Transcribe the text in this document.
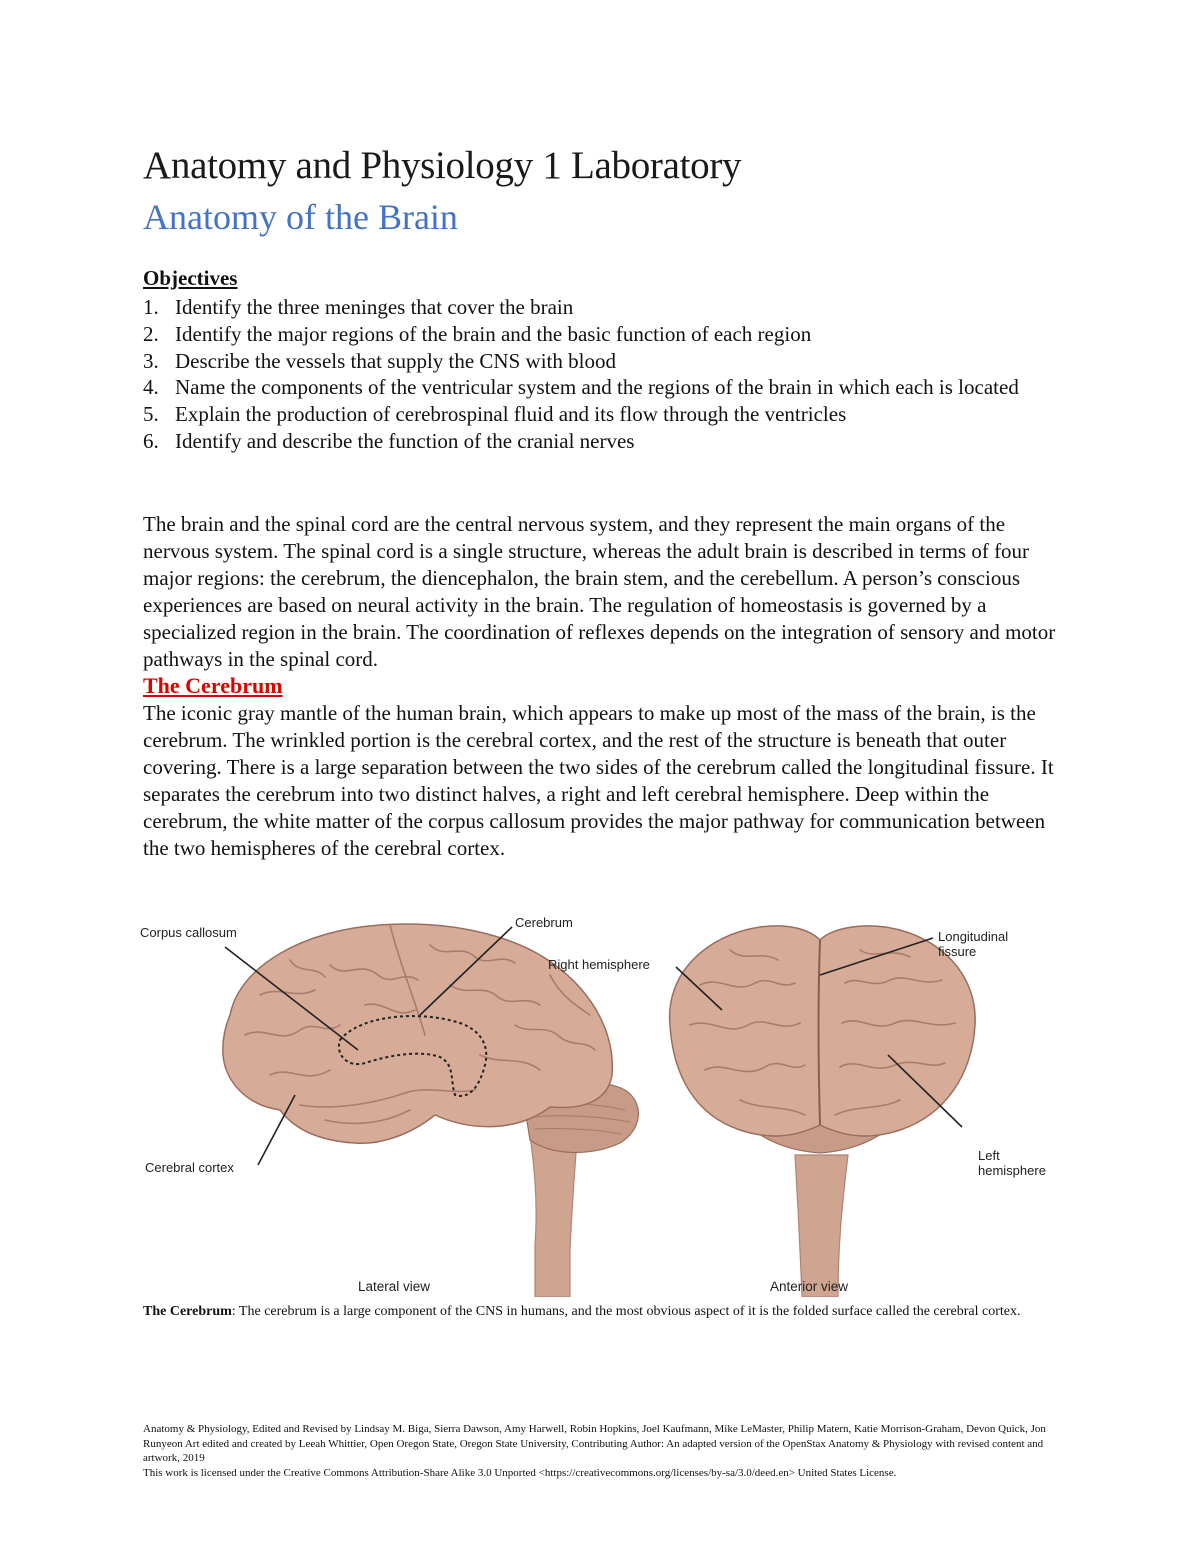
Anatomy and Physiology 1 Laboratory
Anatomy of the Brain
Objectives
1. Identify the three meninges that cover the brain
2. Identify the major regions of the brain and the basic function of each region
3. Describe the vessels that supply the CNS with blood
4. Name the components of the ventricular system and the regions of the brain in which each is located
5. Explain the production of cerebrospinal fluid and its flow through the ventricles
6. Identify and describe the function of the cranial nerves

The brain and the spinal cord are the central nervous system, and they represent the main organs of the nervous system. The spinal cord is a single structure, whereas the adult brain is described in terms of four major regions: the cerebrum, the diencephalon, the brain stem, and the cerebellum. A person’s conscious experiences are based on neural activity in the brain. The regulation of homeostasis is governed by a specialized region in the brain. The coordination of reflexes depends on the integration of sensory and motor pathways in the spinal cord.

The Cerebrum

The iconic gray mantle of the human brain, which appears to make up most of the mass of the brain, is the cerebrum. The wrinkled portion is the cerebral cortex, and the rest of the structure is beneath that outer covering. There is a large separation between the two sides of the cerebrum called the longitudinal fissure. It separates the cerebrum into two distinct halves, a right and left cerebral hemisphere. Deep within the cerebrum, the white matter of the corpus callosum provides the major pathway for communication between the two hemispheres of the cerebral cortex.

Corpus callosum
Cerebrum
Cerebral cortex
Right hemisphere
Longitudinal
fissure
Left
hemisphere
Lateral view	Anterior view

The Cerebrum: The cerebrum is a large component of the CNS in humans, and the most obvious aspect of it is the folded surface called the cerebral cortex.

Anatomy & Physiology, Edited and Revised by Lindsay M. Biga, Sierra Dawson, Amy Harwell, Robin Hopkins, Joel Kaufmann, Mike LeMaster, Philip Matern, Katie Morrison-Graham, Devon Quick, Jon Runyeon Art edited and created by Leeah Whittier, Open Oregon State, Oregon State University, Contributing Author: An adapted version of the OpenStax Anatomy & Physiology with revised content and artwork, 2019
This work is licensed under the Creative Commons Attribution-Share Alike 3.0 Unported <https://creativecommons.org/licenses/by-sa/3.0/deed.en> United States License.
